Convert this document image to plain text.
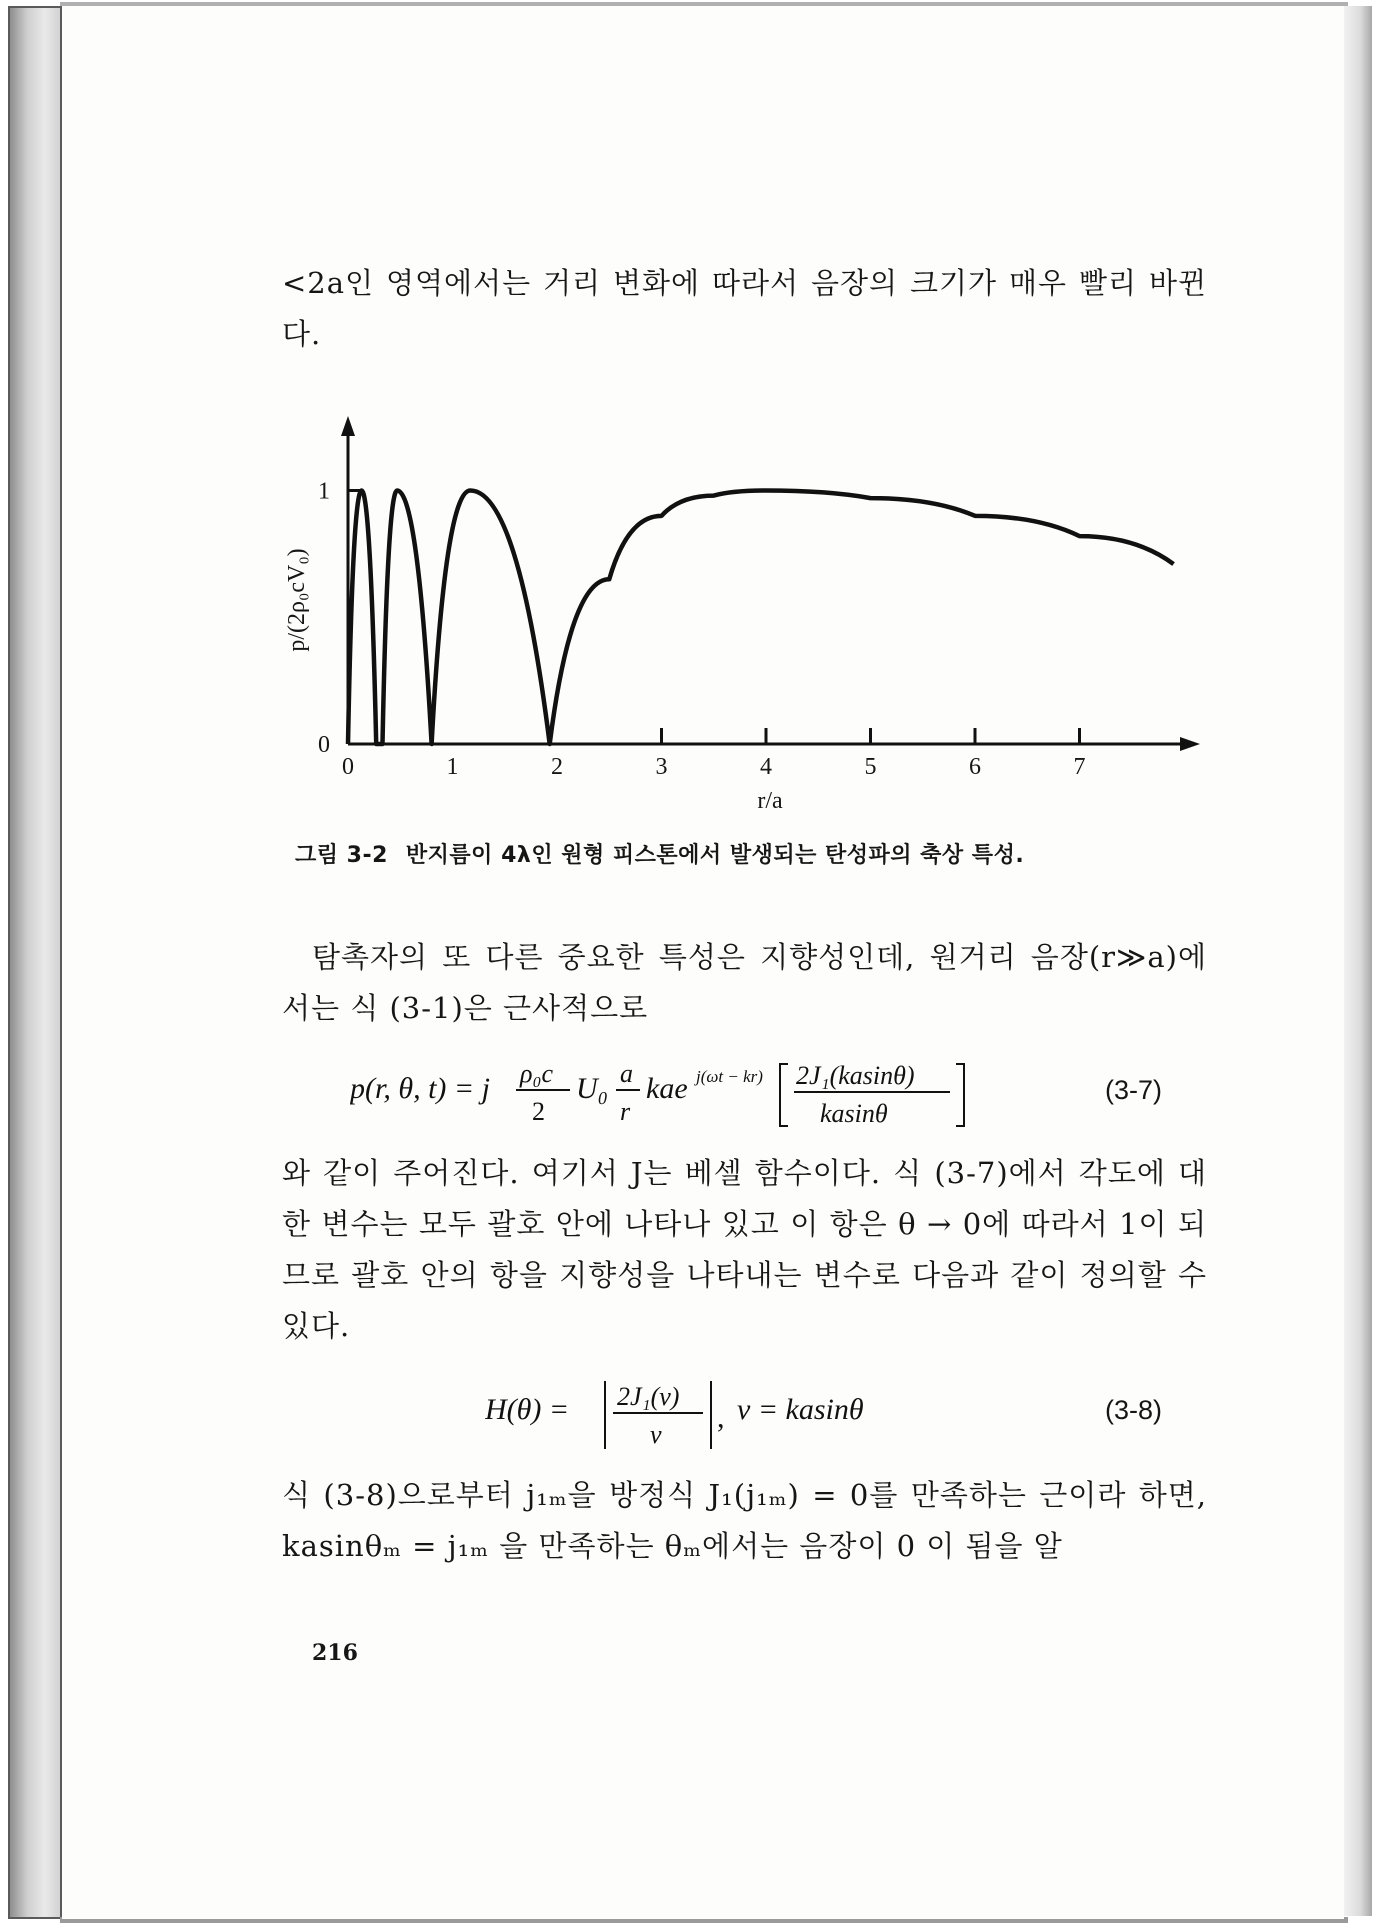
<2a인 영역에서는 거리 변화에 따라서 음장의 크기가 매우 빨리 바뀐다.

0	1	2	3	4	5	6	7
0
1
r/a
p/(2ρ₀cV₀)

그림 3-2 반지름이 4λ인 원형 피스톤에서 발생되는 탄성파의 축상 특성.

탐촉자의 또 다른 중요한 특성은 지향성인데, 원거리 음장(r≫a)에서는 식 (3-1)은 근사적으로

p(r, θ, t) = j ρ₀c
2
U₀ a
r
kae j(ωt − kr) 2J₁(kasinθ)
kasinθ
(3-7)

와 같이 주어진다. 여기서 J는 베셀 함수이다. 식 (3-7)에서 각도에 대한 변수는 모두 괄호 안에 나타나 있고 이 항은 θ → 0에 따라서 1이 되므로 괄호 안의 항을 지향성을 나타내는 변수로 다음과 같이 정의할 수 있다.

H(θ) = 2J₁(v)
v
, v = kasinθ	(3-8)

식 (3-8)으로부터 j₁ₘ을 방정식 J₁(j₁ₘ) = 0를 만족하는 근이라 하면, kasinθₘ = j₁ₘ 을 만족하는 θₘ에서는 음장이 0 이 됨을 알

216
